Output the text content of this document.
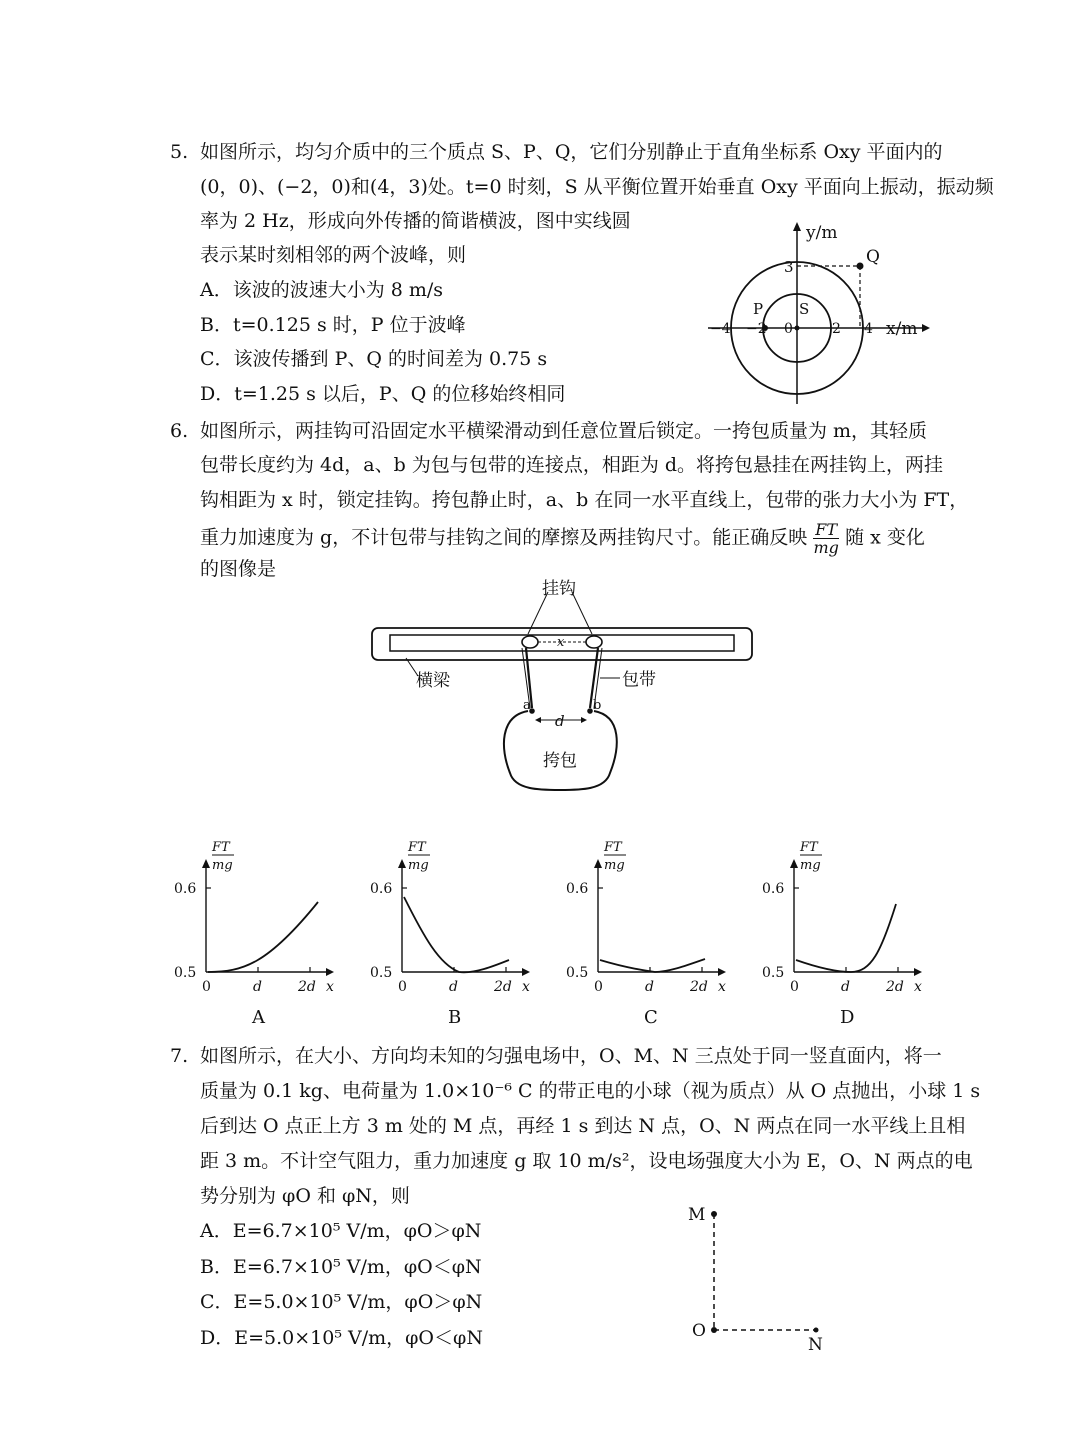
5. 如图所示，均匀介质中的三个质点 S、P、Q，它们分别静止于直角坐标系 Oxy 平面内的
(0，0)、(−2，0)和(4，3)处。t=0 时刻，S 从平衡位置开始垂直 Oxy 平面向上振动，振动频
率为 2 Hz，形成向外传播的简谐横波，图中实线圆
表示某时刻相邻的两个波峰，则
A．该波的波速大小为 8 m/s
B．t=0.125 s 时，P 位于波峰
C．该波传播到 P、Q 的时间差为 0.75 s
D．t=1.25 s 以后，P、Q 的位移始终相同
y/m
x/m
3	Q
P S
−4 −2 0	2 4
6. 如图所示，两挂钩可沿固定水平横梁滑动到任意位置后锁定。一挎包质量为 m，其轻质
包带长度约为 4d，a、b 为包与包带的连接点，相距为 d。将挎包悬挂在两挂钩上，两挂
钩相距为 x 时，锁定挂钩。挎包静止时，a、b 在同一水平直线上，包带的张力大小为 FT，
重力加速度为 g，不计包带与挂钩之间的摩擦及两挂钩尺寸。能正确反映 $\frac{FT}{mg}$ 随 x 变化
的图像是
x
挂钩
包带
横梁
a	b
d
挎包
FT
mg
0.6
0.5
0	d	2d x
A
FT
mg
0.6
0.5
0	d	2d x
B
FT
mg
0.6
0.5
0	d	2d x
C
FT
mg
0.6
0.5
0	d	2d x
D
7. 如图所示，在大小、方向均未知的匀强电场中，O、M、N 三点处于同一竖直面内，将一
质量为 0.1 kg、电荷量为 1.0×10⁻⁶ C 的带正电的小球（视为质点）从 O 点抛出，小球 1 s
后到达 O 点正上方 3 m 处的 M 点，再经 1 s 到达 N 点，O、N 两点在同一水平线上且相
距 3 m。不计空气阻力，重力加速度 g 取 10 m/s²，设电场强度大小为 E，O、N 两点的电
势分别为 φO 和 φN，则
A．E=6.7×10⁵ V/m，φO＞φN
B．E=6.7×10⁵ V/m，φO＜φN
C．E=5.0×10⁵ V/m，φO＞φN
D．E=5.0×10⁵ V/m，φO＜φN
M
O
N
